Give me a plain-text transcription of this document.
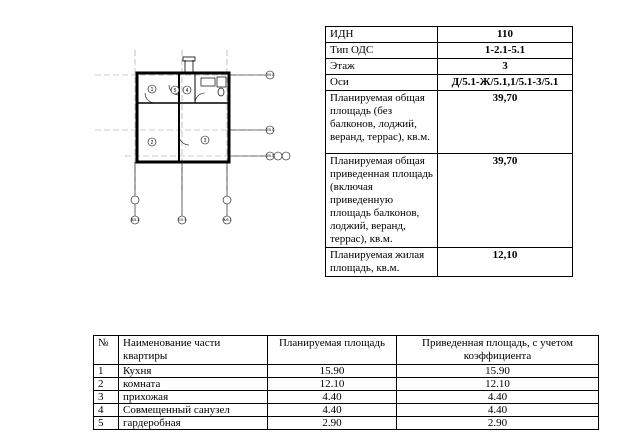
1
2	3
4
5
Д/5.1	Е/5.1	Ж/5.1
1/5.1
2/5.1
3/5.1
ИДН	110
Тип ОДС	1-2.1-5.1
Этаж	3
Оси	Д/5.1-Ж/5.1,1/5.1-3/5.1
Планируемая общая площадь (без балконов, лоджий, веранд, террас), кв.м.	39,70
Планируемая общая приведенная площадь (включая приведенную площадь балконов, лоджий, веранд, террас), кв.м.	39,70
Планируемая жилая площадь, кв.м.	12,10
№	Наименование части квартиры	Планируемая площадь	Приведенная площадь, с учетом коэффициента
1	Кухня	15.90	15.90
2	комната	12.10	12.10
3	прихожая	4.40	4.40
4	Совмещенный санузел	4.40	4.40
5	гардеробная	2.90	2.90
